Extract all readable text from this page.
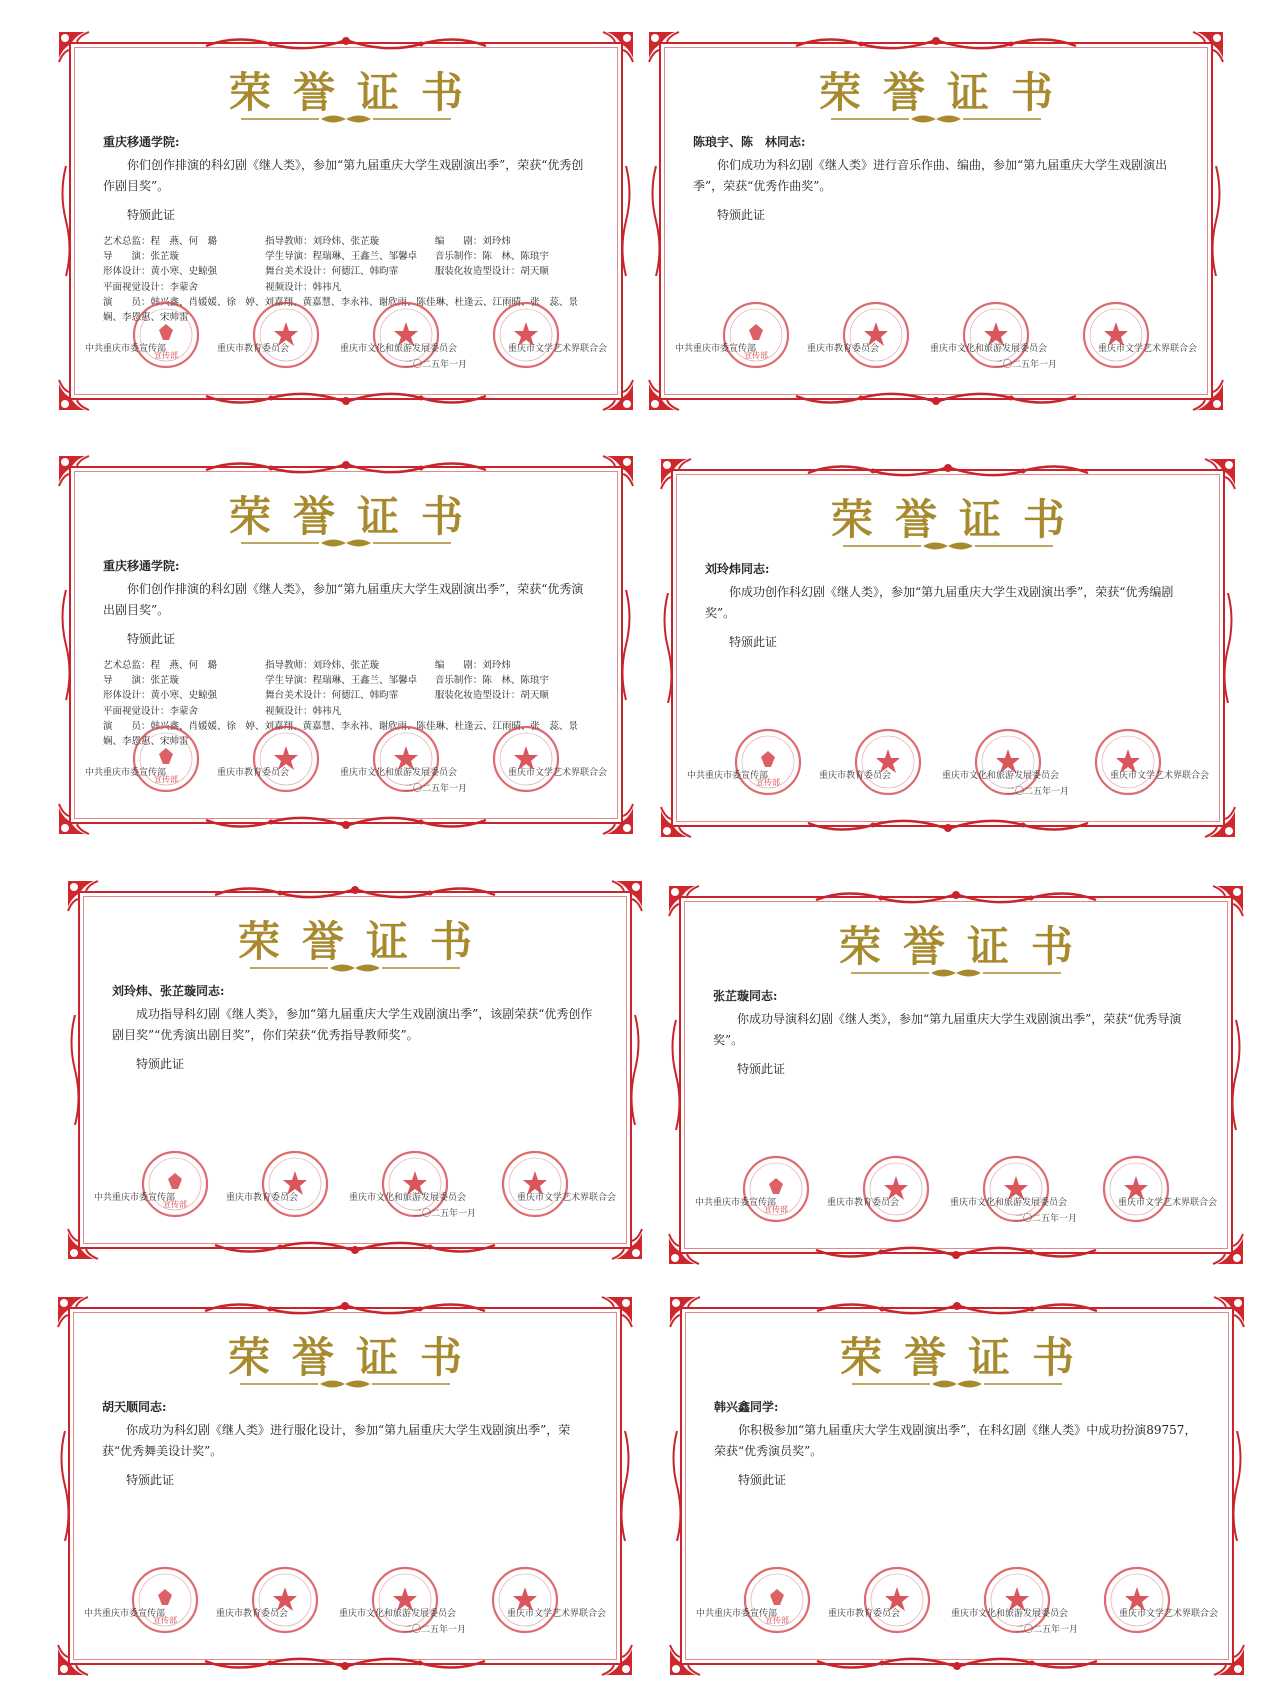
荣誉证书
重庆移通学院:
你们创作排演的科幻剧《继人类》，参加“第九届重庆大学生戏剧演出季”，荣获“优秀创作剧目奖”。
特颁此证
艺术总监：程　燕、何　璐	指导教师：刘玲炜、张芷璇	编　　剧：刘玲炜
导　　演：张芷璇	学生导演：程瑞琳、王鑫兰、邹馨卓	音乐制作：陈　林、陈琅宇
形体设计：黄小寒、史鲸强	舞台美术设计：何德江、韩昀霏	服装化妆造型设计：胡天顺
平面视觉设计：李蒙舍	视频设计：韩祎凡
演　　员：韩兴鑫、肖媛媛、徐　婷、刘嘉翔、黄嘉慧、李永祎、谢欣雨、陈佳琳、杜逢云、江雨晴、张　蕊、景　娴、李恩惠、宋帅雷
宣传部
中共重庆市委宣传部	重庆市教育委员会	重庆市文化和旅游发展委员会	重庆市文学艺术界联合会
二〇二五年一月
荣誉证书
陈琅宇、陈　林同志:
你们成功为科幻剧《继人类》进行音乐作曲、编曲，参加“第九届重庆大学生戏剧演出季”，荣获“优秀作曲奖”。
特颁此证
宣传部
中共重庆市委宣传部	重庆市教育委员会	重庆市文化和旅游发展委员会	重庆市文学艺术界联合会
二〇二五年一月
荣誉证书
重庆移通学院:
你们创作排演的科幻剧《继人类》，参加“第九届重庆大学生戏剧演出季”，荣获“优秀演出剧目奖”。
特颁此证
艺术总监：程　燕、何　璐	指导教师：刘玲炜、张芷璇	编　　剧：刘玲炜
导　　演：张芷璇	学生导演：程瑞琳、王鑫兰、邹馨卓	音乐制作：陈　林、陈琅宇
形体设计：黄小寒、史鲸强	舞台美术设计：何德江、韩昀霏	服装化妆造型设计：胡天顺
平面视觉设计：李蒙舍	视频设计：韩祎凡
演　　员：韩兴鑫、肖媛媛、徐　婷、刘嘉翔、黄嘉慧、李永祎、谢欣雨、陈佳琳、杜逢云、江雨晴、张　蕊、景　娴、李恩惠、宋帅雷
宣传部
中共重庆市委宣传部	重庆市教育委员会	重庆市文化和旅游发展委员会	重庆市文学艺术界联合会
二〇二五年一月
荣誉证书
刘玲炜同志:
你成功创作科幻剧《继人类》，参加“第九届重庆大学生戏剧演出季”，荣获“优秀编剧奖”。
特颁此证
宣传部
中共重庆市委宣传部	重庆市教育委员会	重庆市文化和旅游发展委员会	重庆市文学艺术界联合会
二〇二五年一月
荣誉证书
刘玲炜、张芷璇同志:
成功指导科幻剧《继人类》，参加“第九届重庆大学生戏剧演出季”，该剧荣获“优秀创作剧目奖”“优秀演出剧目奖”，你们荣获“优秀指导教师奖”。
特颁此证
宣传部
中共重庆市委宣传部	重庆市教育委员会	重庆市文化和旅游发展委员会	重庆市文学艺术界联合会
二〇二五年一月
荣誉证书
张芷璇同志:
你成功导演科幻剧《继人类》，参加“第九届重庆大学生戏剧演出季”，荣获“优秀导演奖”。
特颁此证
宣传部
中共重庆市委宣传部	重庆市教育委员会	重庆市文化和旅游发展委员会	重庆市文学艺术界联合会
二〇二五年一月
荣誉证书
胡天顺同志:
你成功为科幻剧《继人类》进行服化设计，参加“第九届重庆大学生戏剧演出季”，荣获“优秀舞美设计奖”。
特颁此证
宣传部
中共重庆市委宣传部	重庆市教育委员会	重庆市文化和旅游发展委员会	重庆市文学艺术界联合会
二〇二五年一月
荣誉证书
韩兴鑫同学:
你积极参加“第九届重庆大学生戏剧演出季”，在科幻剧《继人类》中成功扮演89757，荣获“优秀演员奖”。
特颁此证
宣传部
中共重庆市委宣传部	重庆市教育委员会	重庆市文化和旅游发展委员会	重庆市文学艺术界联合会
二〇二五年一月
